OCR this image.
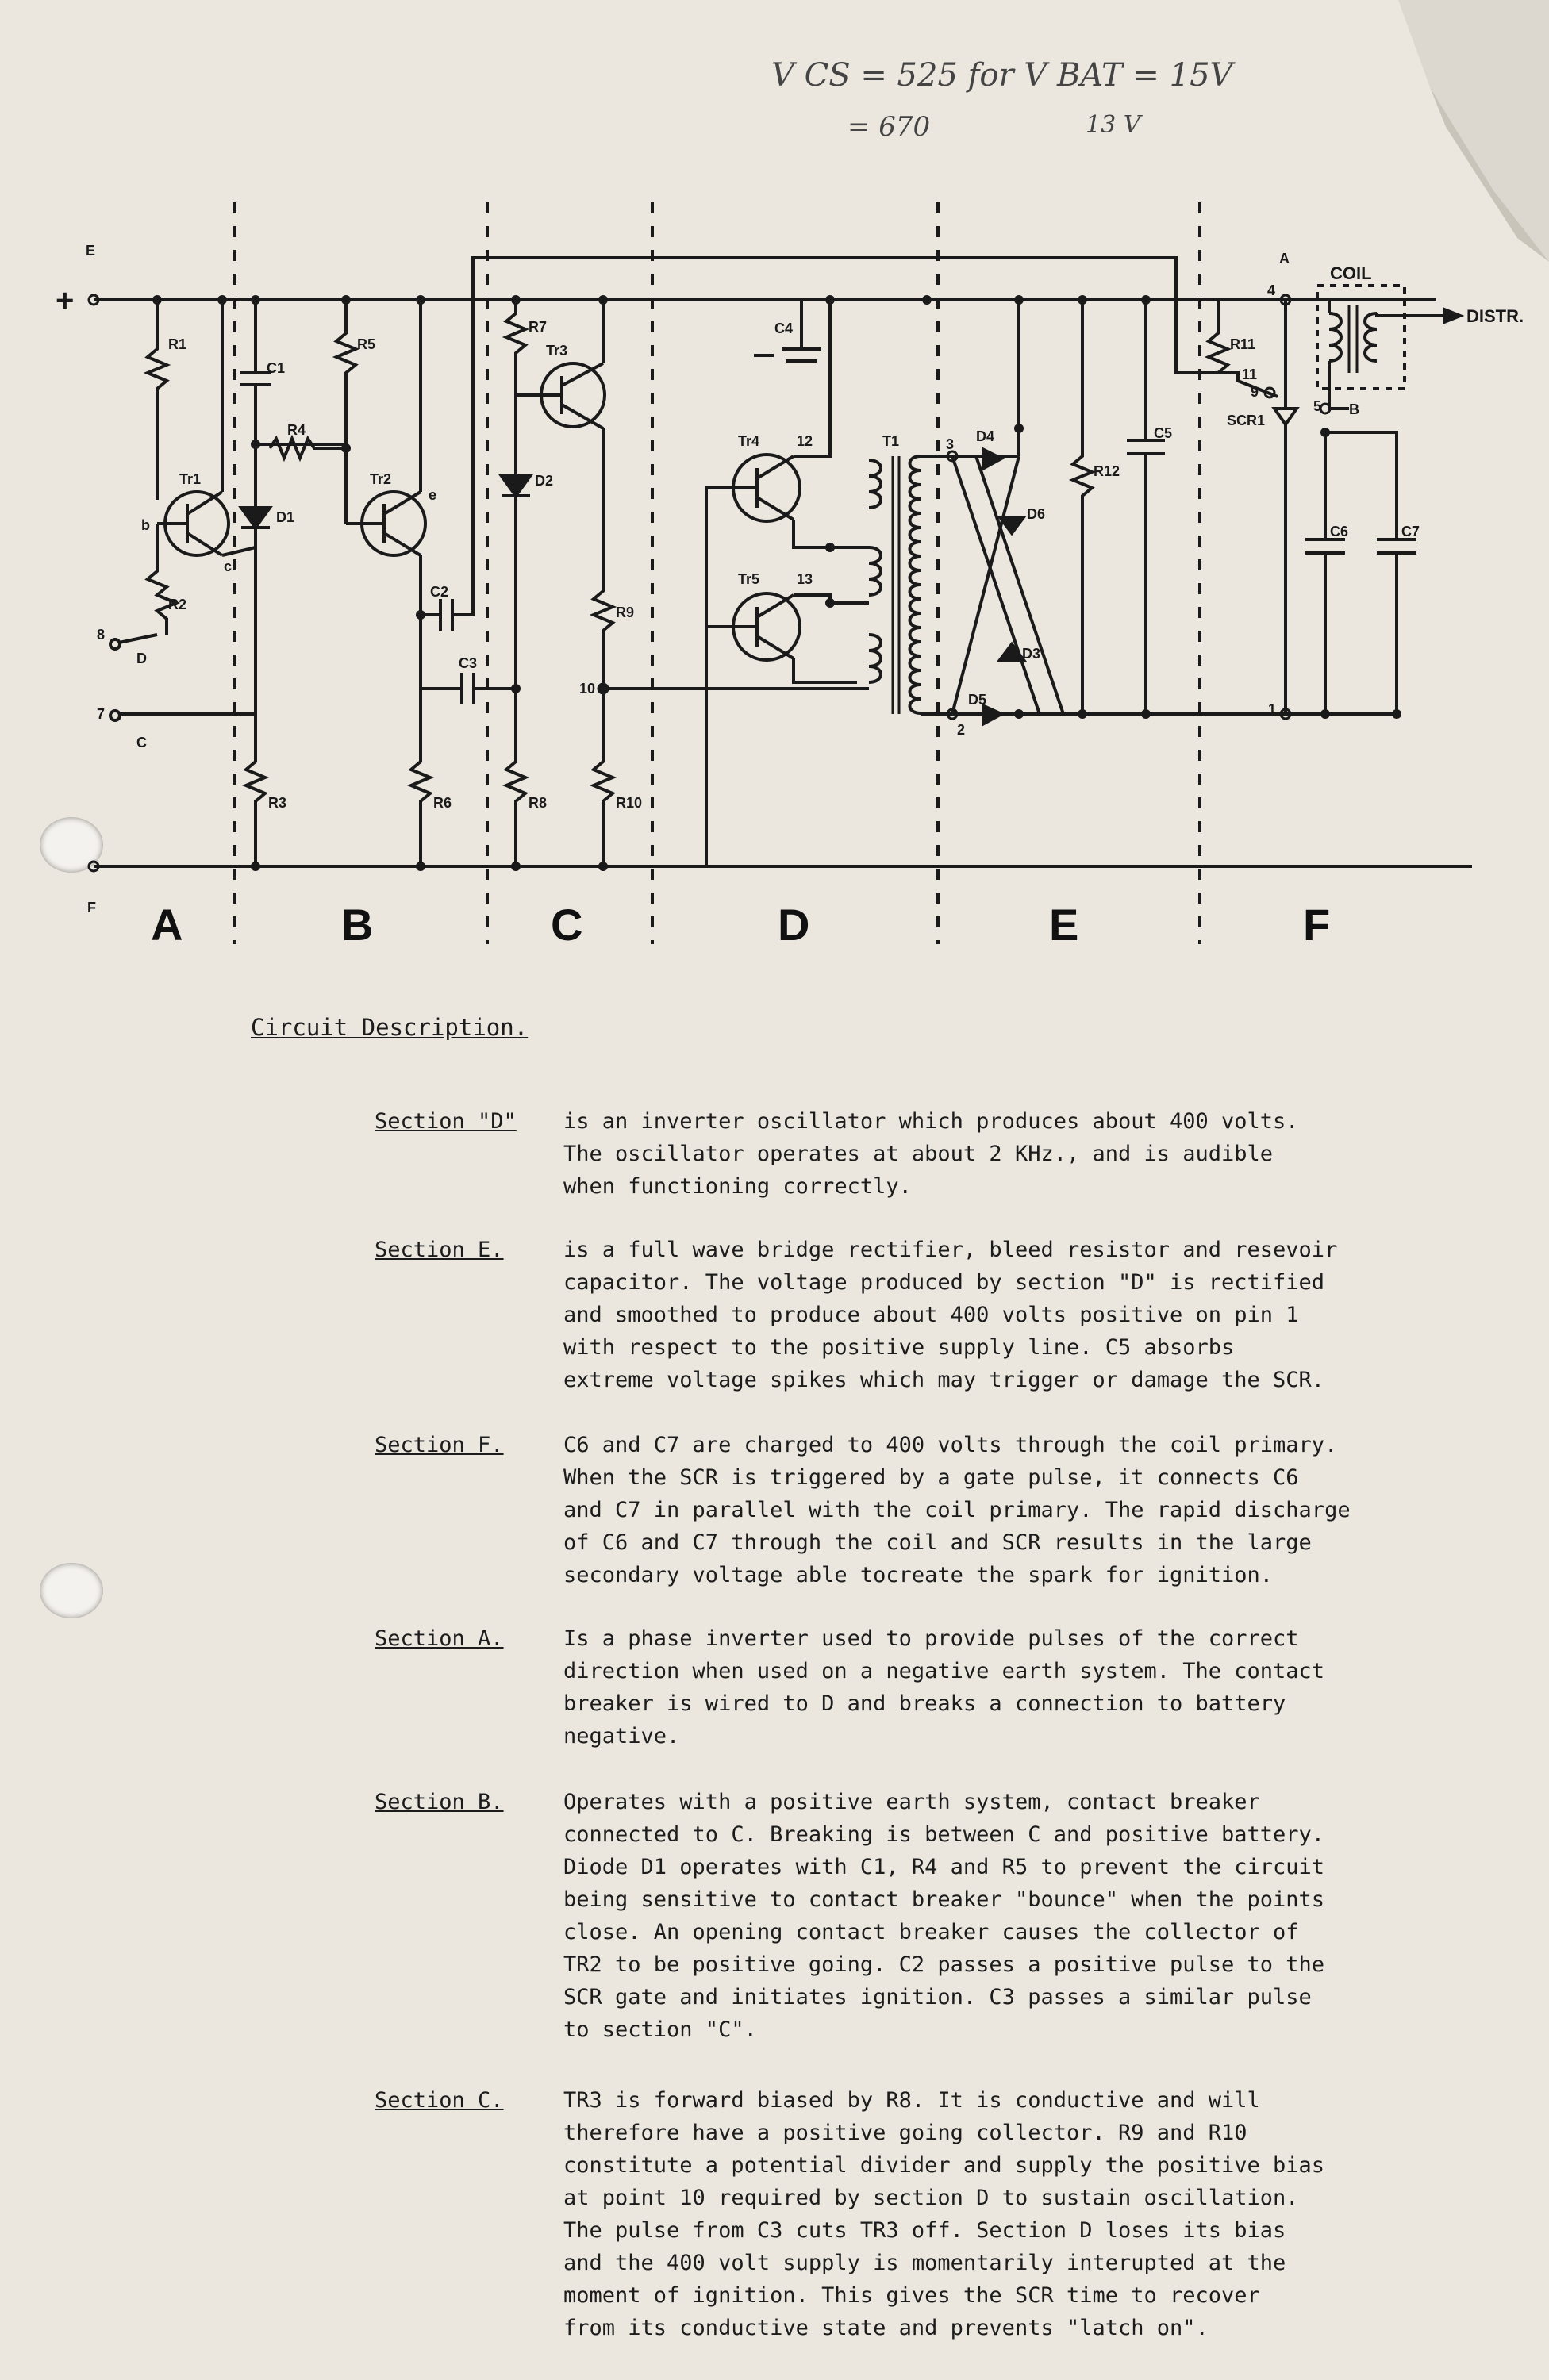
V CS = 525 for V BAT = 15V
= 670	13 V
E
+
F
8
D
7
C
A
B
1
2
3
4
5
9
10
11
12
13
R1
R2
R3
R4
R5
R6
R7
R8
R9
R10
R11
R12
C1
C2
C3
C4
C5
C6	C7
Tr1	Tr2
Tr3
Tr4
Tr5
D1
D2
D3
D4
D5
D6
T1
SCR1
COIL
DISTR.
b
c
e
A	B	C	D	E	F
Circuit Description.
Section "D" is an inverter oscillator which produces about 400 volts.
The oscillator operates at about 2 KHz., and is audible
when functioning correctly.
Section E.	is a full wave bridge rectifier, bleed resistor and resevoir
capacitor. The voltage produced by section "D" is rectified
and smoothed to produce about 400 volts positive on pin 1
with respect to the positive supply line. C5 absorbs
extreme voltage spikes which may trigger or damage the SCR.
Section F.	C6 and C7 are charged to 400 volts through the coil primary.
When the SCR is triggered by a gate pulse, it connects C6
and C7 in parallel with the coil primary. The rapid discharge
of C6 and C7 through the coil and SCR results in the large
secondary voltage able tocreate the spark for ignition.
Section A.	Is a phase inverter used to provide pulses of the correct
direction when used on a negative earth system. The contact
breaker is wired to D and breaks a connection to battery
negative.
Section B.	Operates with a positive earth system, contact breaker
connected to C. Breaking is between C and positive battery.
Diode D1 operates with C1, R4 and R5 to prevent the circuit
being sensitive to contact breaker "bounce" when the points
close. An opening contact breaker causes the collector of
TR2 to be positive going. C2 passes a positive pulse to the
SCR gate and initiates ignition. C3 passes a similar pulse
to section "C".
Section C.	TR3 is forward biased by R8. It is conductive and will
therefore have a positive going collector. R9 and R10
constitute a potential divider and supply the positive bias
at point 10 required by section D to sustain oscillation.
The pulse from C3 cuts TR3 off. Section D loses its bias
and the 400 volt supply is momentarily interupted at the
moment of ignition. This gives the SCR time to recover
from its conductive state and prevents "latch on".
